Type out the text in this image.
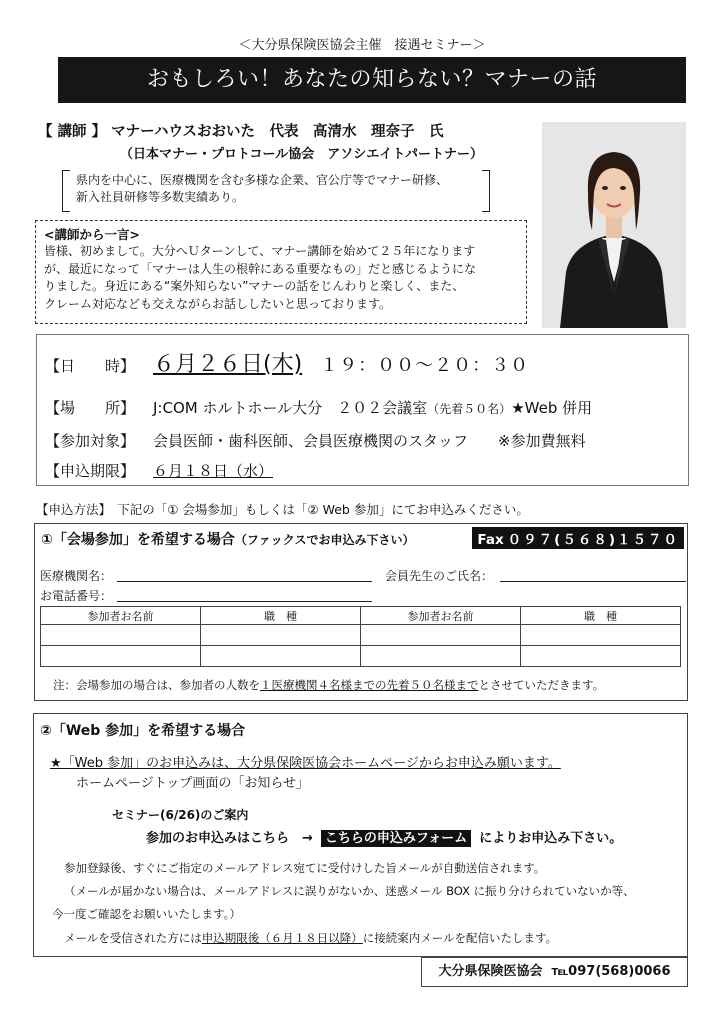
＜大分県保険医協会主催　接遇セミナー＞
おもしろい！あなたの知らない？マナーの話
【 講師 】 マナーハウスおおいた　代表　高清水　理奈子　氏
（日本マナー・プロトコール協会　アソシエイトパートナー）
県内を中心に、医療機関を含む多様な企業、官公庁等でマナー研修、
新入社員研修等多数実績あり。
<講師から一言>
皆様、初めまして。大分へＵターンして、マナー講師を始めて２５年になります
が、最近になって「マナーは人生の根幹にある重要なもの」だと感じるようにな
りました。身近にある“案外知らない”マナーの話をじんわりと楽しく、また、
クレーム対応なども交えながらお話ししたいと思っております。
【日　　時】 ６月２６日(木) １９：００〜２０：３０
【場　　所】 J:COM ホルトホール大分　２０２会議室（先着５０名）★Web 併用
【参加対象】 会員医師・歯科医師、会員医療機関のスタッフ ※参加費無料
【申込期限】 ６月１８日（水）
【申込方法】　下記の「① 会場参加」もしくは「② Web 参加」にてお申込みください。
①「会場参加」を希望する場合（ファックスでお申込み下さい）	Fax ０９７(５６８)１５７０
医療機関名：	会員先生のご氏名：
お電話番号：
参加者お名前	職　種	参加者お名前	職　種

注：会場参加の場合は、参加者の人数を１医療機関４名様までの先着５０名様までとさせていただきます。
②「Web 参加」を希望する場合
★「Web 参加」のお申込みは、大分県保険医協会ホームページからお申込み願います。
ホームページトップ画面の「お知らせ」
セミナー(6/26)のご案内
参加のお申込みはこちら　→ こちらの申込みフォーム によりお申込み下さい。
参加登録後、すぐにご指定のメールアドレス宛てに受付けした旨メールが自動送信されます。
（メールが届かない場合は、メールアドレスに誤りがないか、迷惑メール BOX に振り分けられていないか等、
今一度ご確認をお願いいたします。）
メールを受信された方には申込期限後（６月１８日以降）に接続案内メールを配信いたします。
大分県保険医協会 ℡097(568)0066
